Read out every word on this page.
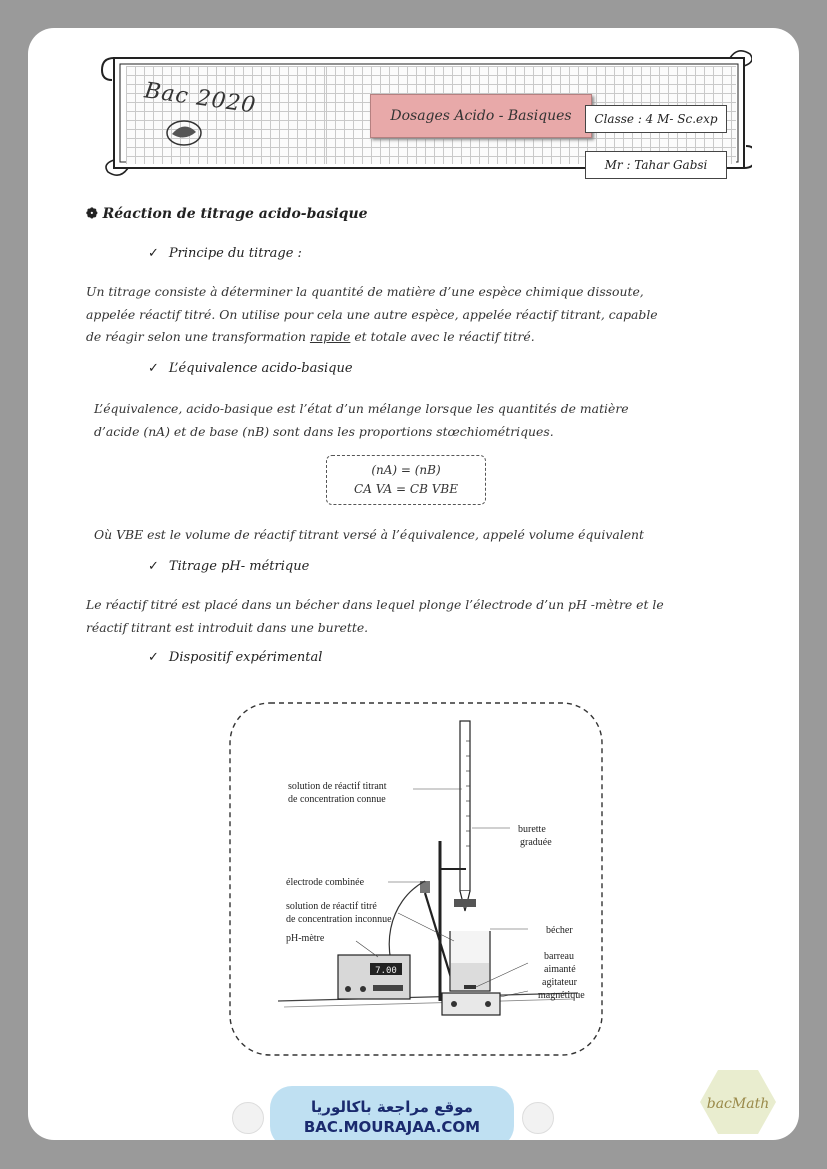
Bac 2020	Dosages Acido - Basiques	Classe : 4 M- Sc.exp
Mr : Tahar Gabsi
❁ Réaction de titrage acido-basique
✓ Principe du titrage :
Un titrage consiste à déterminer la quantité de matière d’une espèce chimique dissoute,
appelée réactif titré. On utilise pour cela une autre espèce, appelée réactif titrant, capable
de réagir selon une transformation rapide et totale avec le réactif titré.
✓ L’équivalence acido-basique
L’équivalence, acido-basique est l’état d’un mélange lorsque les quantités de matière
d’acide (nA) et de base (nB) sont dans les proportions stœchiométriques.
(nA) = (nB)
CA VA = CB VBE
Où VBE est le volume de réactif titrant versé à l’équivalence, appelé volume équivalent
✓ Titrage pH- métrique
Le réactif titré est placé dans un bécher dans lequel plonge l’électrode d’un pH -mètre et le
réactif titrant est introduit dans une burette.
✓ Dispositif expérimental
7.00
solution de réactif titrant
de concentration connue
burette
graduée
électrode combinée
solution de réactif titré
de concentration inconnue
bécher
barreau
aimanté
pH-mètre
agitateur
magnétique
موقع مراجعة باكالوريا
BAC.MOURAJAA.COM
bacMath
